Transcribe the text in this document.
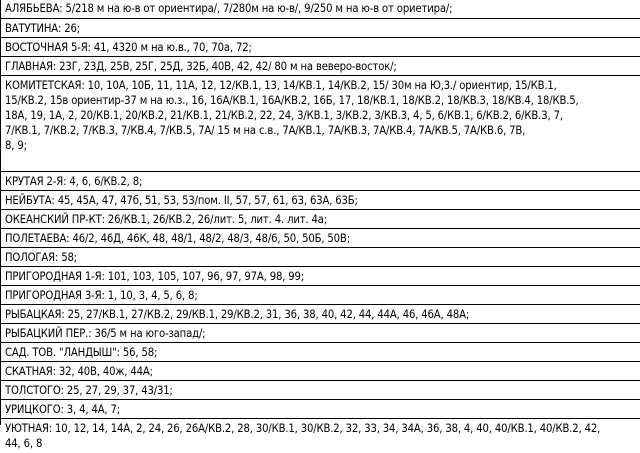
АЛЯБЬЕВА: 5/218 м на ю-в от ориентира/, 7/280м на ю-в/, 9/250 м на ю-в от ориетира/;
ВАТУТИНА: 26;
ВОСТОЧНАЯ 5-Я: 41, 4320 м на ю.в., 70, 70а, 72;
ГЛАВНАЯ: 23Г, 23Д, 25В, 25Г, 25Д, 32Б, 40В, 42, 42/ 80 м на веверо-восток/;
КОМИТЕТСКАЯ: 10, 10А, 10Б, 11, 11А, 12, 12/КВ.1, 13, 14/КВ.1, 14/КВ.2, 15/ 30м на Ю,3./ ориентир, 15/КВ.1,
15/КВ.2, 15в ориентир-37 м на ю.з., 16, 16А/КВ.1, 16А/КВ.2, 16Б, 17, 18/КВ.1, 18/КВ.2, 18/КВ.3, 18/КВ.4, 18/КВ.5,
18А, 19, 1А, 2, 20/КВ.1, 20/КВ.2, 21/КВ.1, 21/КВ.2, 22, 24, 3/КВ.1, 3/КВ.2, 3/КВ.3, 4, 5, 6/КВ.1, 6/КВ.2, 6/КВ.3, 7,
7/КВ.1, 7/КВ.2, 7/КВ.3, 7/КВ.4, 7/КВ.5, 7А/ 15 м на с.в., 7А/КВ.1, 7А/КВ.3, 7А/КВ.4, 7А/КВ.5, 7А/КВ.6, 7В,
8, 9;
КРУТАЯ 2-Я: 4, 6, 6/КВ.2, 8;
НЕЙБУТА: 45, 45А, 47, 47б, 51, 53, 53/пом. II, 57, 57, 61, 63, 63А, 63Б;
ОКЕАНСКИЙ ПР-КТ: 26/КВ.1, 26/КВ.2, 26/лит. 5, лит. 4. лит. 4а;
ПОЛЕТАЕВА: 46/2, 46Д, 46К, 48, 48/1, 48/2, 48/3, 48/6, 50, 50Б, 50В;
ПОЛОГАЯ: 58;
ПРИГОРОДНАЯ 1-Я: 101, 103, 105, 107, 96, 97, 97А, 98, 99;
ПРИГОРОДНАЯ 3-Я: 1, 10, 3, 4, 5, 6, 8;
РЫБАЦКАЯ: 25, 27/КВ.1, 27/КВ.2, 29/КВ.1, 29/КВ.2, 31, 36, 38, 40, 42, 44, 44А, 46, 46А, 48А;
РЫБАЦКИЙ ПЕР.: 36/5 м на юго-запад/;
САД. ТОВ. "ЛАНДЫШ": 56, 58;
СКАТНАЯ: 32, 40В, 40ж, 44А;
ТОЛСТОГО: 25, 27, 29, 37, 43/31;
УРИЦКОГО: 3, 4, 4А, 7;
УЮТНАЯ: 10, 12, 14, 14А, 2, 24, 26, 26А/КВ.2, 28, 30/КВ.1, 30/КВ.2, 32, 33, 34, 34А, 36, 38, 4, 40, 40/КВ.1, 40/КВ.2, 42,
44, 6, 8
